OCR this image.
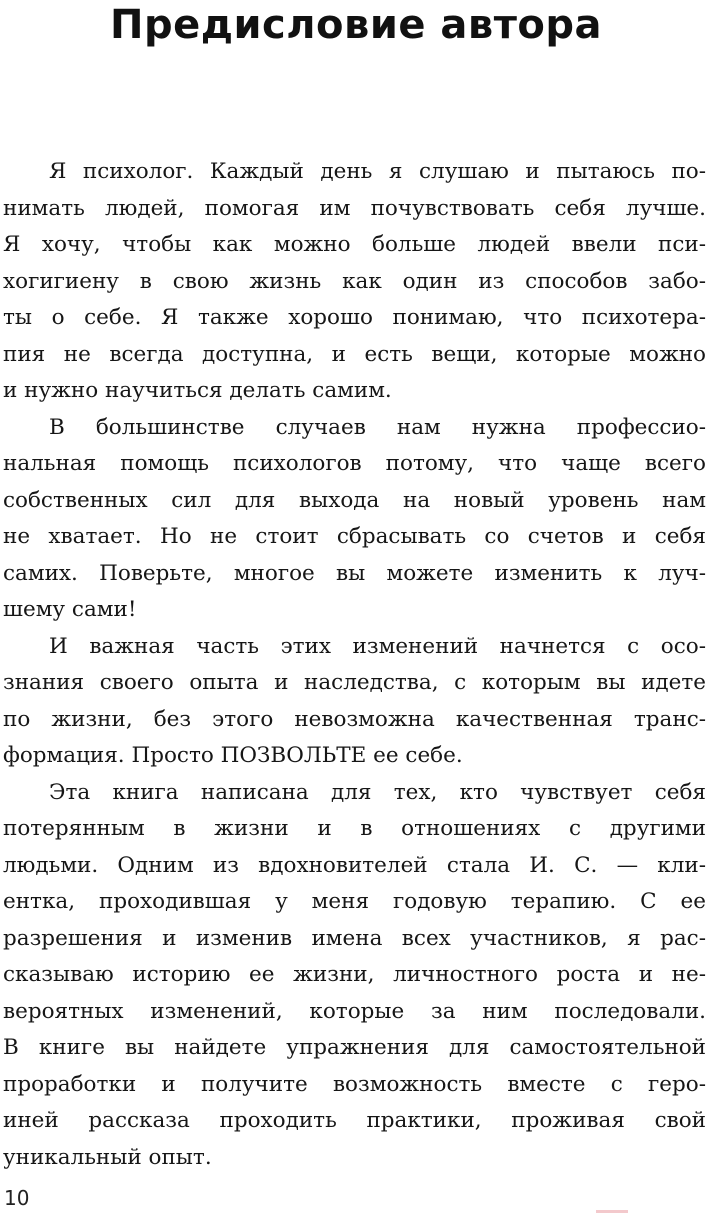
Предисловие автора
Я психолог. Каждый день я слушаю и пытаюсь по-
нимать людей, помогая им почувствовать себя лучше.
Я хочу, чтобы как можно больше людей ввели пси-
хогигиену в свою жизнь как один из способов забо-
ты о себе. Я также хорошо понимаю, что психотера-
пия не всегда доступна, и есть вещи, которые можно
и нужно научиться делать самим.
В большинстве случаев нам нужна профессио-
нальная помощь психологов потому, что чаще всего
собственных сил для выхода на новый уровень нам
не хватает. Но не стоит сбрасывать со счетов и себя
самих. Поверьте, многое вы можете изменить к луч-
шему сами!
И важная часть этих изменений начнется с осо-
знания своего опыта и наследства, с которым вы идете
по жизни, без этого невозможна качественная транс-
формация. Просто ПОЗВОЛЬТЕ ее себе.
Эта книга написана для тех, кто чувствует себя
потерянным в жизни и в отношениях с другими
людьми. Одним из вдохновителей стала И. С. — кли-
ентка, проходившая у меня годовую терапию. С ее
разрешения и изменив имена всех участников, я рас-
сказываю историю ее жизни, личностного роста и не-
вероятных изменений, которые за ним последовали.
В книге вы найдете упражнения для самостоятельной
проработки и получите возможность вместе с геро-
иней рассказа проходить практики, проживая свой
уникальный опыт.
10
